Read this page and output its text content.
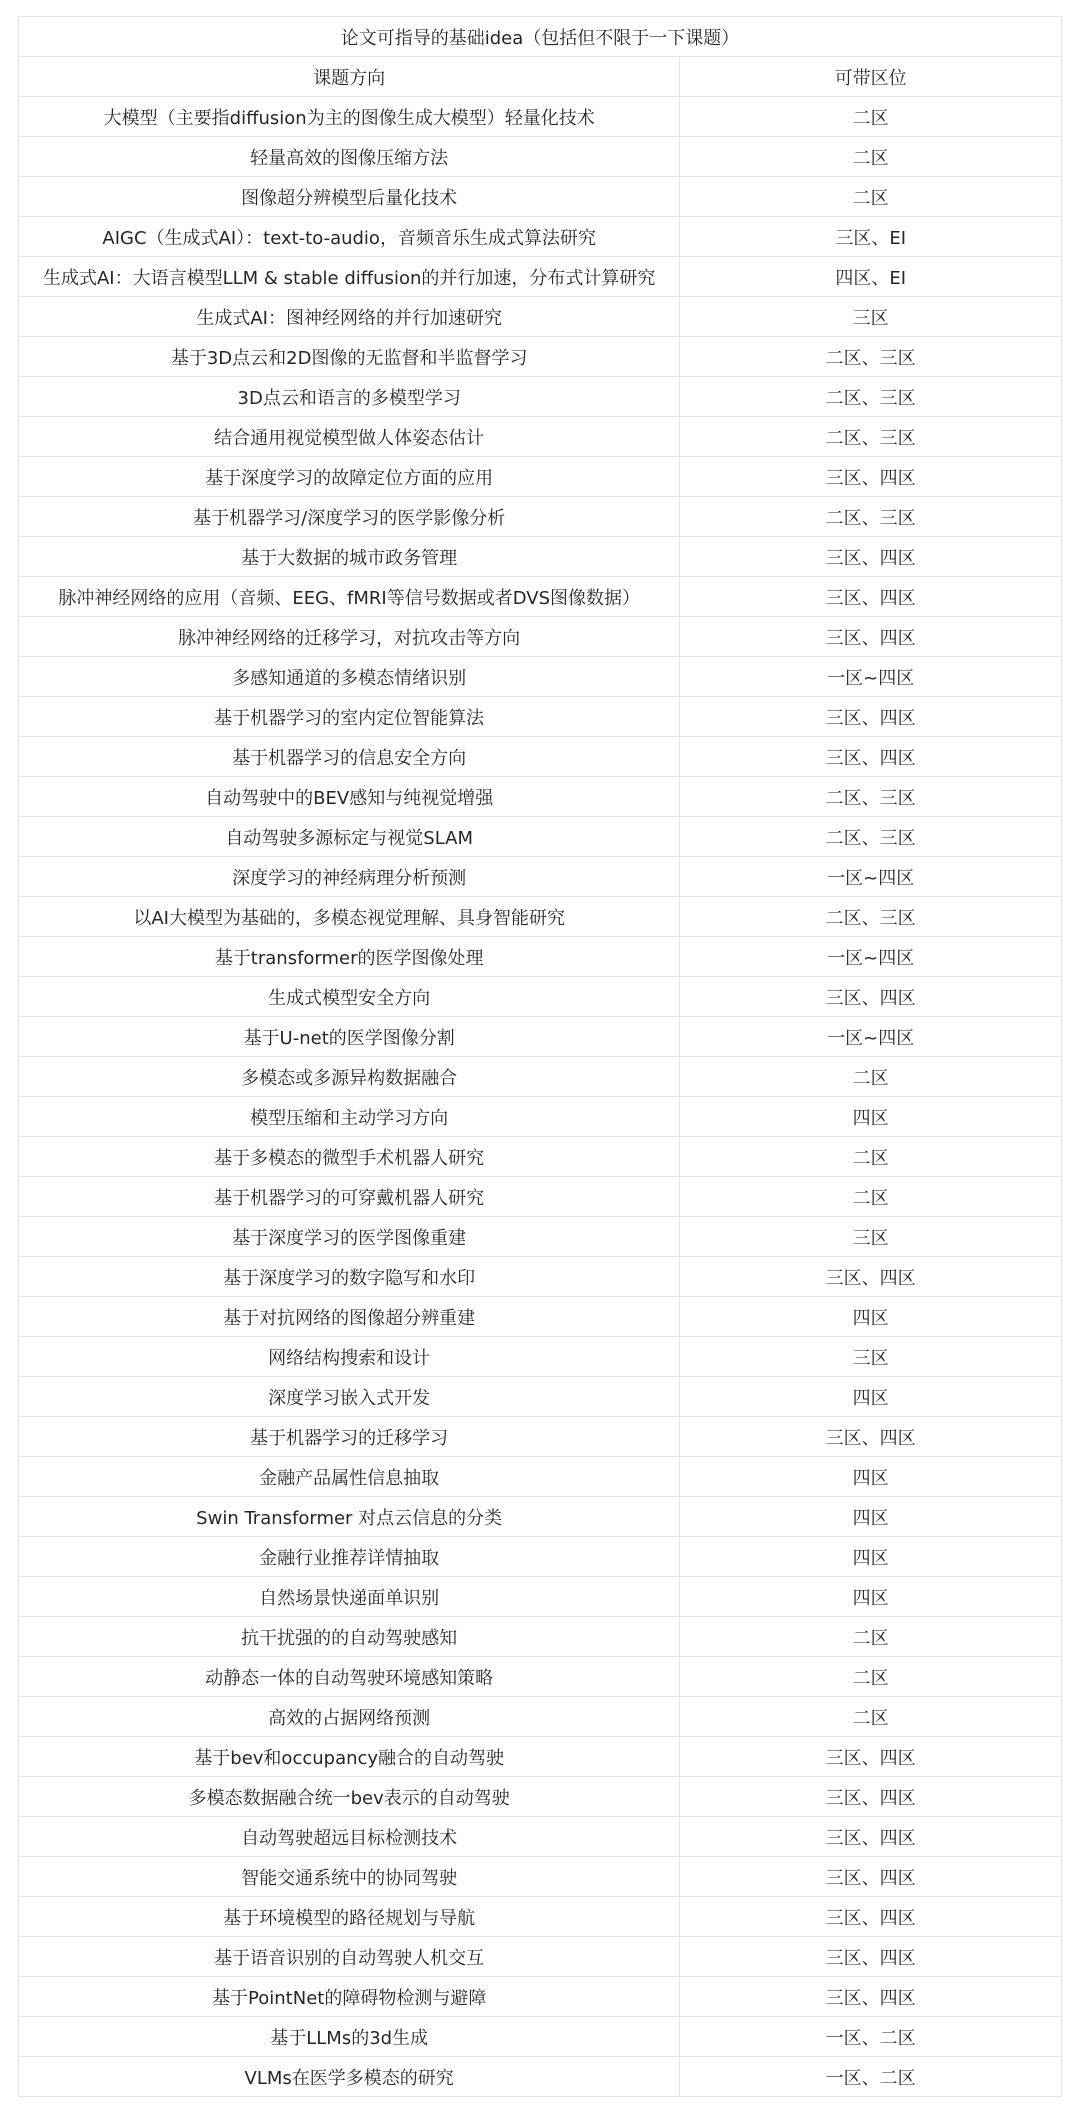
论文可指导的基础idea（包括但不限于一下课题）
课题方向	可带区位
大模型（主要指diffusion为主的图像生成大模型）轻量化技术	二区
轻量高效的图像压缩方法	二区
图像超分辨模型后量化技术	二区
AIGC（生成式AI）：text-to-audio，音频音乐生成式算法研究	三区、EI
生成式AI：大语言模型LLM & stable diffusion的并行加速，分布式计算研究	四区、EI
生成式AI：图神经网络的并行加速研究	三区
基于3D点云和2D图像的无监督和半监督学习	二区、三区
3D点云和语言的多模型学习	二区、三区
结合通用视觉模型做人体姿态估计	二区、三区
基于深度学习的故障定位方面的应用	三区、四区
基于机器学习/深度学习的医学影像分析	二区、三区
基于大数据的城市政务管理	三区、四区
脉冲神经网络的应用（音频、EEG、fMRI等信号数据或者DVS图像数据）	三区、四区
脉冲神经网络的迁移学习，对抗攻击等方向	三区、四区
多感知通道的多模态情绪识别	一区~四区
基于机器学习的室内定位智能算法	三区、四区
基于机器学习的信息安全方向	三区、四区
自动驾驶中的BEV感知与纯视觉增强	二区、三区
自动驾驶多源标定与视觉SLAM	二区、三区
深度学习的神经病理分析预测	一区~四区
以AI大模型为基础的，多模态视觉理解、具身智能研究	二区、三区
基于transformer的医学图像处理	一区~四区
生成式模型安全方向	三区、四区
基于U-net的医学图像分割	一区~四区
多模态或多源异构数据融合	二区
模型压缩和主动学习方向	四区
基于多模态的微型手术机器人研究	二区
基于机器学习的可穿戴机器人研究	二区
基于深度学习的医学图像重建	三区
基于深度学习的数字隐写和水印	三区、四区
基于对抗网络的图像超分辨重建	四区
网络结构搜索和设计	三区
深度学习嵌入式开发	四区
基于机器学习的迁移学习	三区、四区
金融产品属性信息抽取	四区
Swin Transformer 对点云信息的分类	四区
金融行业推荐详情抽取	四区
自然场景快递面单识别	四区
抗干扰强的的自动驾驶感知	二区
动静态一体的自动驾驶环境感知策略	二区
高效的占据网络预测	二区
基于bev和occupancy融合的自动驾驶	三区、四区
多模态数据融合统一bev表示的自动驾驶	三区、四区
自动驾驶超远目标检测技术	三区、四区
智能交通系统中的协同驾驶	三区、四区
基于环境模型的路径规划与导航	三区、四区
基于语音识别的自动驾驶人机交互	三区、四区
基于PointNet的障碍物检测与避障	三区、四区
基于LLMs的3d生成	一区、二区
VLMs在医学多模态的研究	一区、二区
